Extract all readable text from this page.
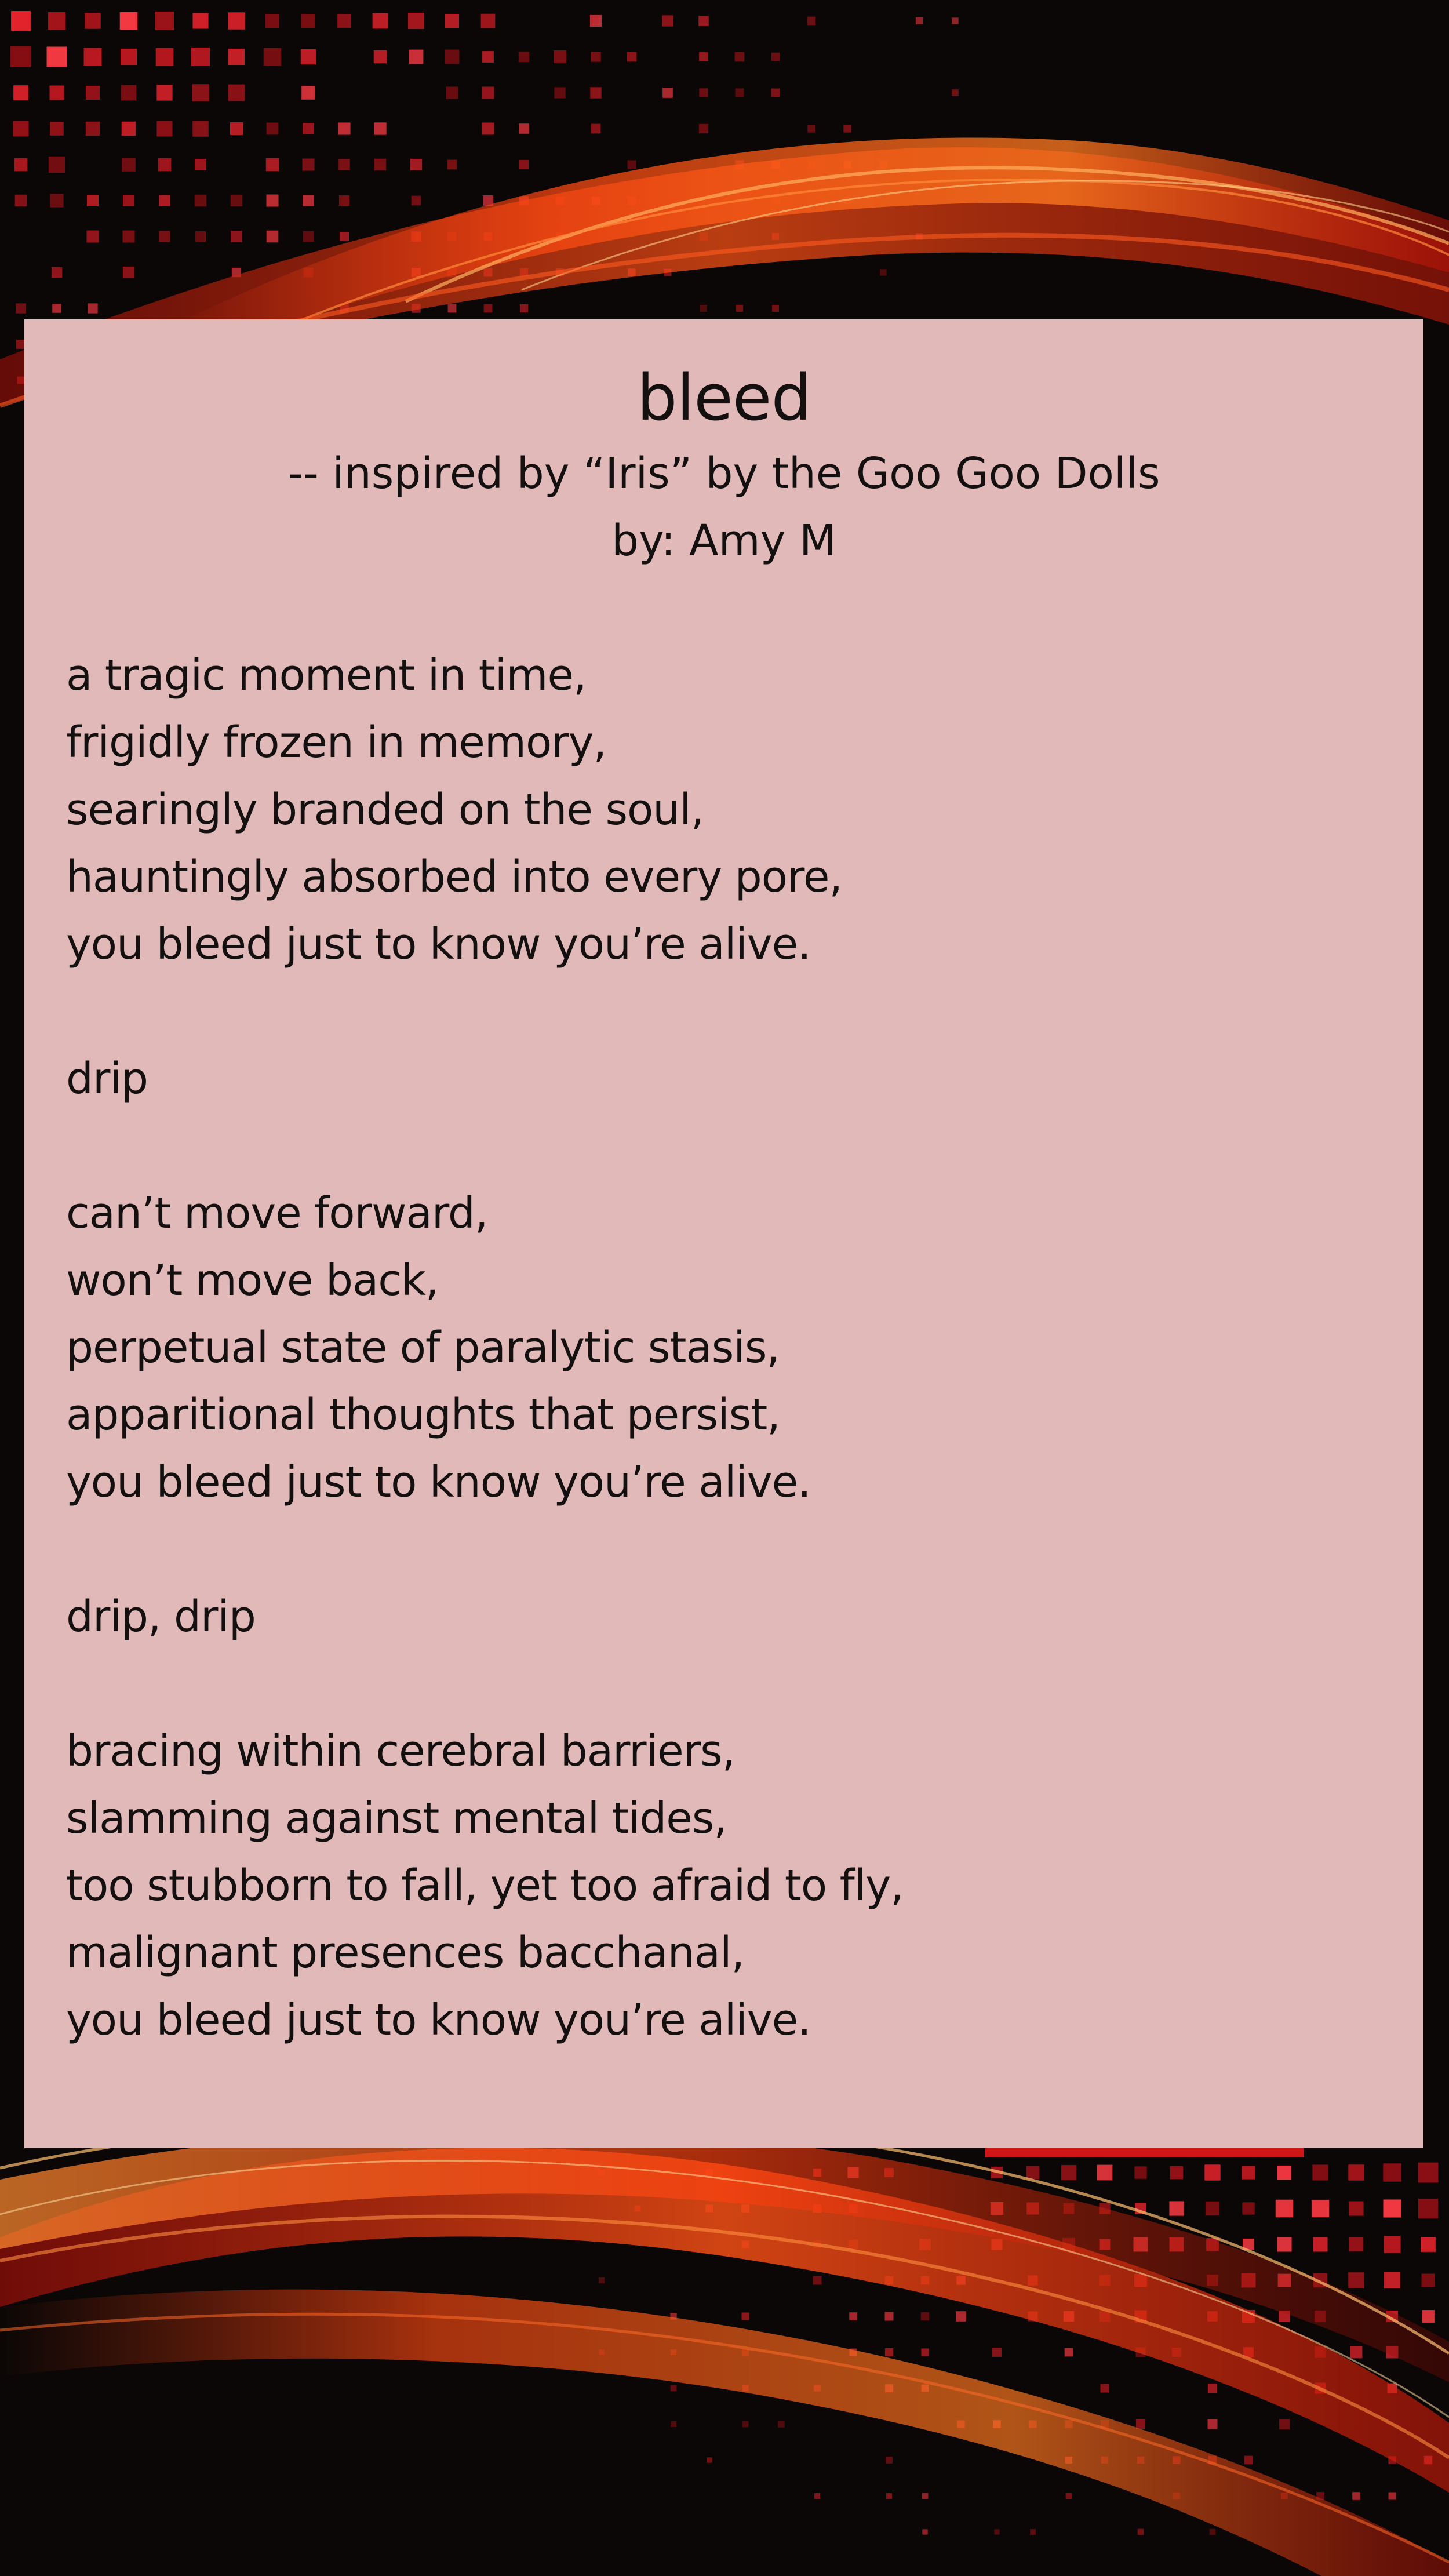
bleed
-- inspired by “Iris” by the Goo Goo Dolls
by: Amy M
a tragic moment in time,
frigidly frozen in memory,
searingly branded on the soul,
hauntingly absorbed into every pore,
you bleed just to know you’re alive.
drip
can’t move forward,
won’t move back,
perpetual state of paralytic stasis,
apparitional thoughts that persist,
you bleed just to know you’re alive.
drip, drip
bracing within cerebral barriers,
slamming against mental tides,
too stubborn to fall, yet too afraid to fly,
malignant presences bacchanal,
you bleed just to know you’re alive.
